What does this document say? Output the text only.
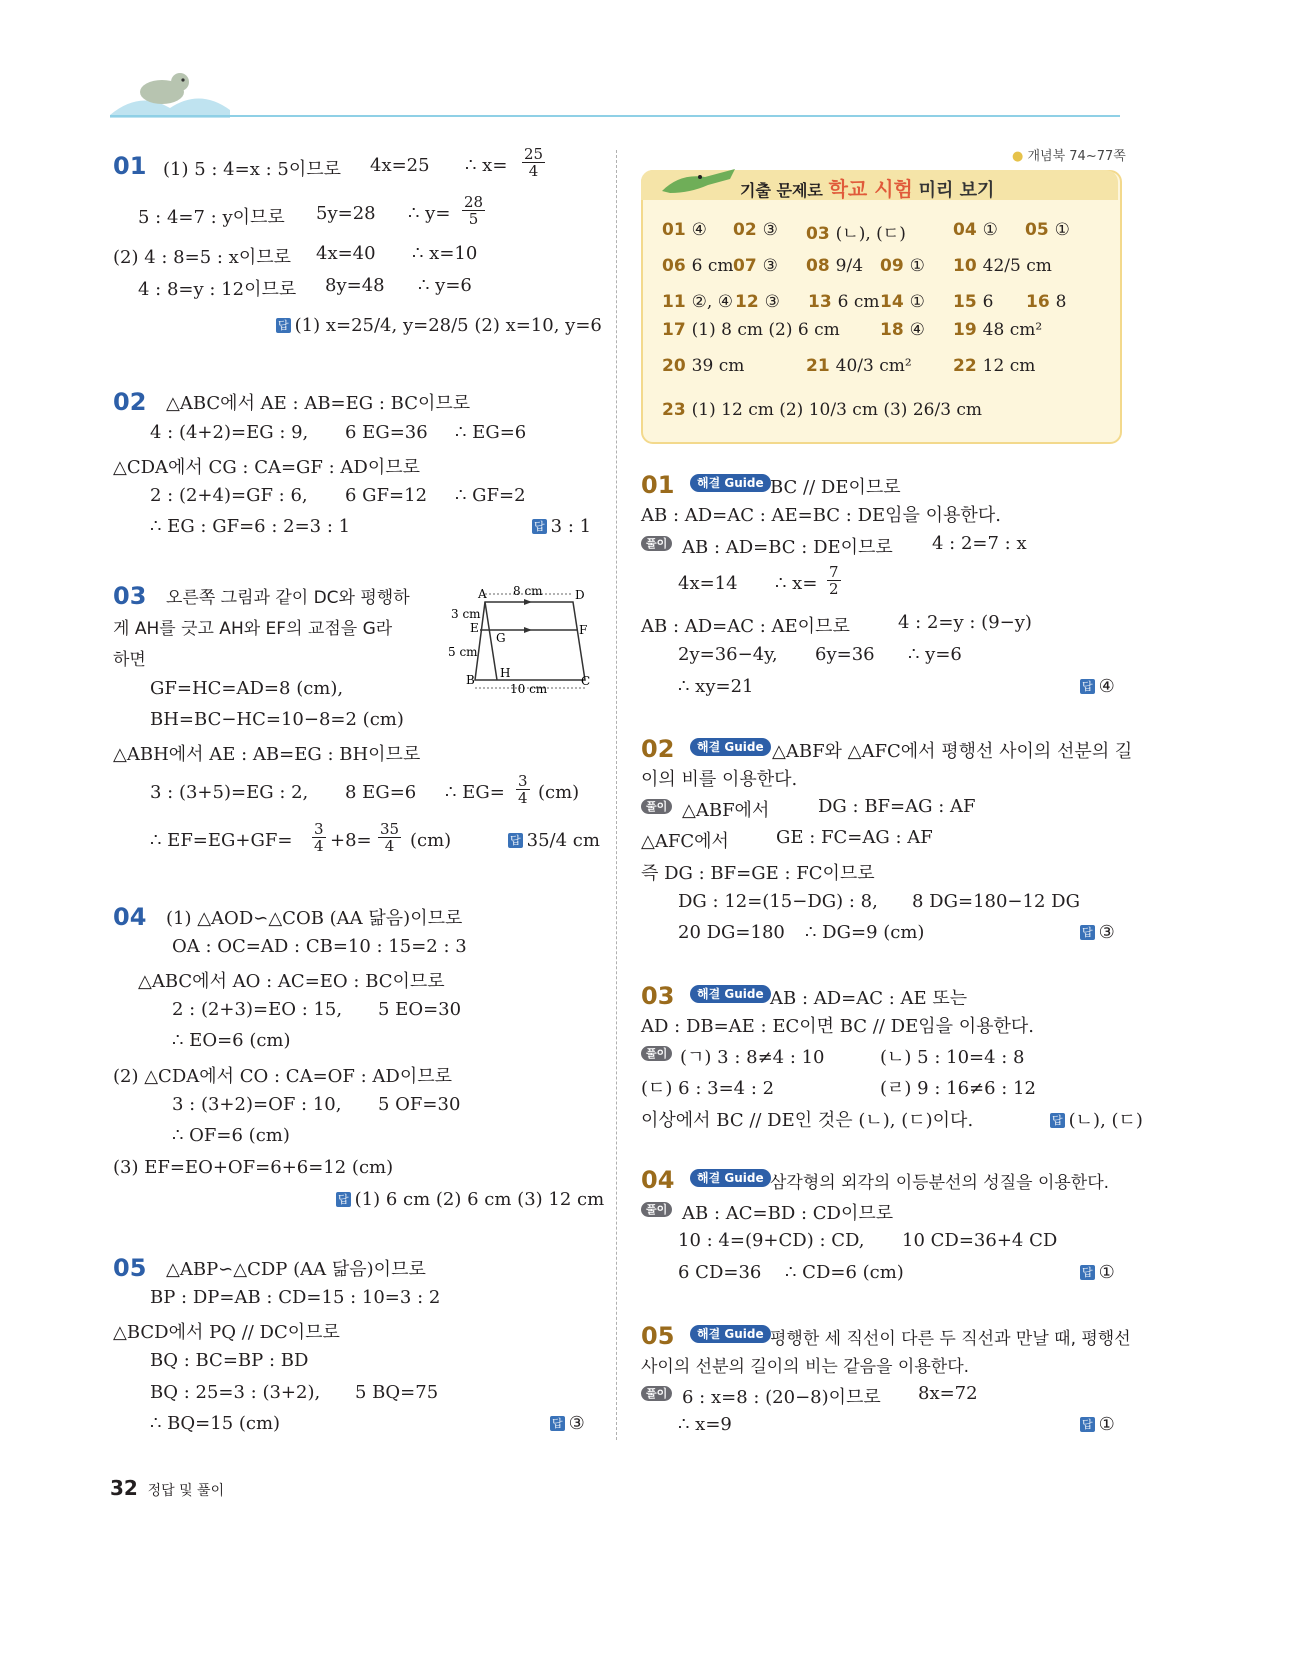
● 개념북 74~77쪽
01 (1) 5 : 4=x : 5이므로 4x=25 ∴ $x= \frac{25}{4}$
5 : 4=7 : y이므로 5y=28 ∴ $y= \frac{28}{5}$
(2) 4 : 8=5 : x이므로 4x=40 ∴ x=10
4 : 8=y : 12이므로 8y=48 ∴ y=6
답 (1) x=25/4, y=28/5 (2) x=10, y=6
02 △ABC에서 AE : AB=EG : BC이므로
4 : (4+2)=EG : 9, 6 EG=36 ∴ EG=6
△CDA에서 CG : CA=GF : AD이므로
2 : (2+4)=GF : 6, 6 GF=12 ∴ GF=2
∴ EG : GF=6 : 2=3 : 1	답 3 : 1
03 오른쪽 그림과 같이 DC와 평행하
게 AH를 긋고 AH와 EF의 교점을 G라
하면
GF=HC=AD=8 (cm),
BH=BC−HC=10−8=2 (cm)
△ABH에서 AE : AB=EG : BH이므로
3 : (3+5)=EG : 2, 8 EG=6 ∴ $EG= \frac{3}{4} (cm)$
∴ $EF=EG+GF= \frac{3}{4} +8= \frac{35}{4} (cm)$	답 35/4 cm
A	D
B	C
E	F
G
H
8 cm
10 cm
3 cm
5 cm
04 (1) △AOD∽△COB (AA 닮음)이므로
OA : OC=AD : CB=10 : 15=2 : 3
△ABC에서 AO : AC=EO : BC이므로
2 : (2+3)=EO : 15, 5 EO=30
∴ EO=6 (cm)
(2) △CDA에서 CO : CA=OF : AD이므로
3 : (3+2)=OF : 10, 5 OF=30
∴ OF=6 (cm)
(3) EF=EO+OF=6+6=12 (cm)
답 (1) 6 cm (2) 6 cm (3) 12 cm
05 △ABP∽△CDP (AA 닮음)이므로
BP : DP=AB : CD=15 : 10=3 : 2
△BCD에서 PQ // DC이므로
BQ : BC=BP : BD
BQ : 25=3 : (3+2), 5 BQ=75
∴ BQ=15 (cm)	답 ③
기출 문제로 학교 시험 미리 보기
01 ④ 02 ③ 03 (ㄴ), (ㄷ)	04 ① 05 ①
06 6 cm 07 ③ 08 9/4 09 ① 10 42/5 cm
11 ②, ④ 12 ③ 13 6 cm 14 ① 15 6 16 8
17 (1) 8 cm (2) 6 cm 18 ④ 19 48 cm²
20 39 cm	21 40/3 cm² 22 12 cm
23 (1) 12 cm (2) 10/3 cm (3) 26/3 cm
01	해결 Guide BC // DE이므로
AB : AD=AC : AE=BC : DE임을 이용한다.
풀이 AB : AD=BC : DE이므로 4 : 2=7 : x
4x=14 ∴ $x= \frac{7}{2}$
AB : AD=AC : AE이므로	4 : 2=y : (9−y)
2y=36−4y, 6y=36 ∴ y=6
∴ xy=21	답 ④
02	해결 Guide △ABF와 △AFC에서 평행선 사이의 선분의 길
이의 비를 이용한다.
풀이 △ABF에서	DG : BF=AG : AF
△AFC에서	GE : FC=AG : AF
즉 DG : BF=GE : FC이므로
DG : 12=(15−DG) : 8, 8 DG=180−12 DG
20 DG=180 ∴ DG=9 (cm)	답 ③
03	해결 Guide AB : AD=AC : AE 또는
AD : DB=AE : EC이면 BC // DE임을 이용한다.
풀이 (ㄱ) 3 : 8≠4 : 10	(ㄴ) 5 : 10=4 : 8
(ㄷ) 6 : 3=4 : 2	(ㄹ) 9 : 16≠6 : 12
이상에서 BC // DE인 것은 (ㄴ), (ㄷ)이다.	답 (ㄴ), (ㄷ)
04	해결 Guide 삼각형의 외각의 이등분선의 성질을 이용한다.
풀이 AB : AC=BD : CD이므로
10 : 4=(9+CD) : CD, 10 CD=36+4 CD
6 CD=36 ∴ CD=6 (cm)	답 ①
05	해결 Guide 평행한 세 직선이 다른 두 직선과 만날 때, 평행선
사이의 선분의 길이의 비는 같음을 이용한다.
풀이 6 : x=8 : (20−8)이므로 8x=72
∴ x=9	답 ①
32 정답 및 풀이
